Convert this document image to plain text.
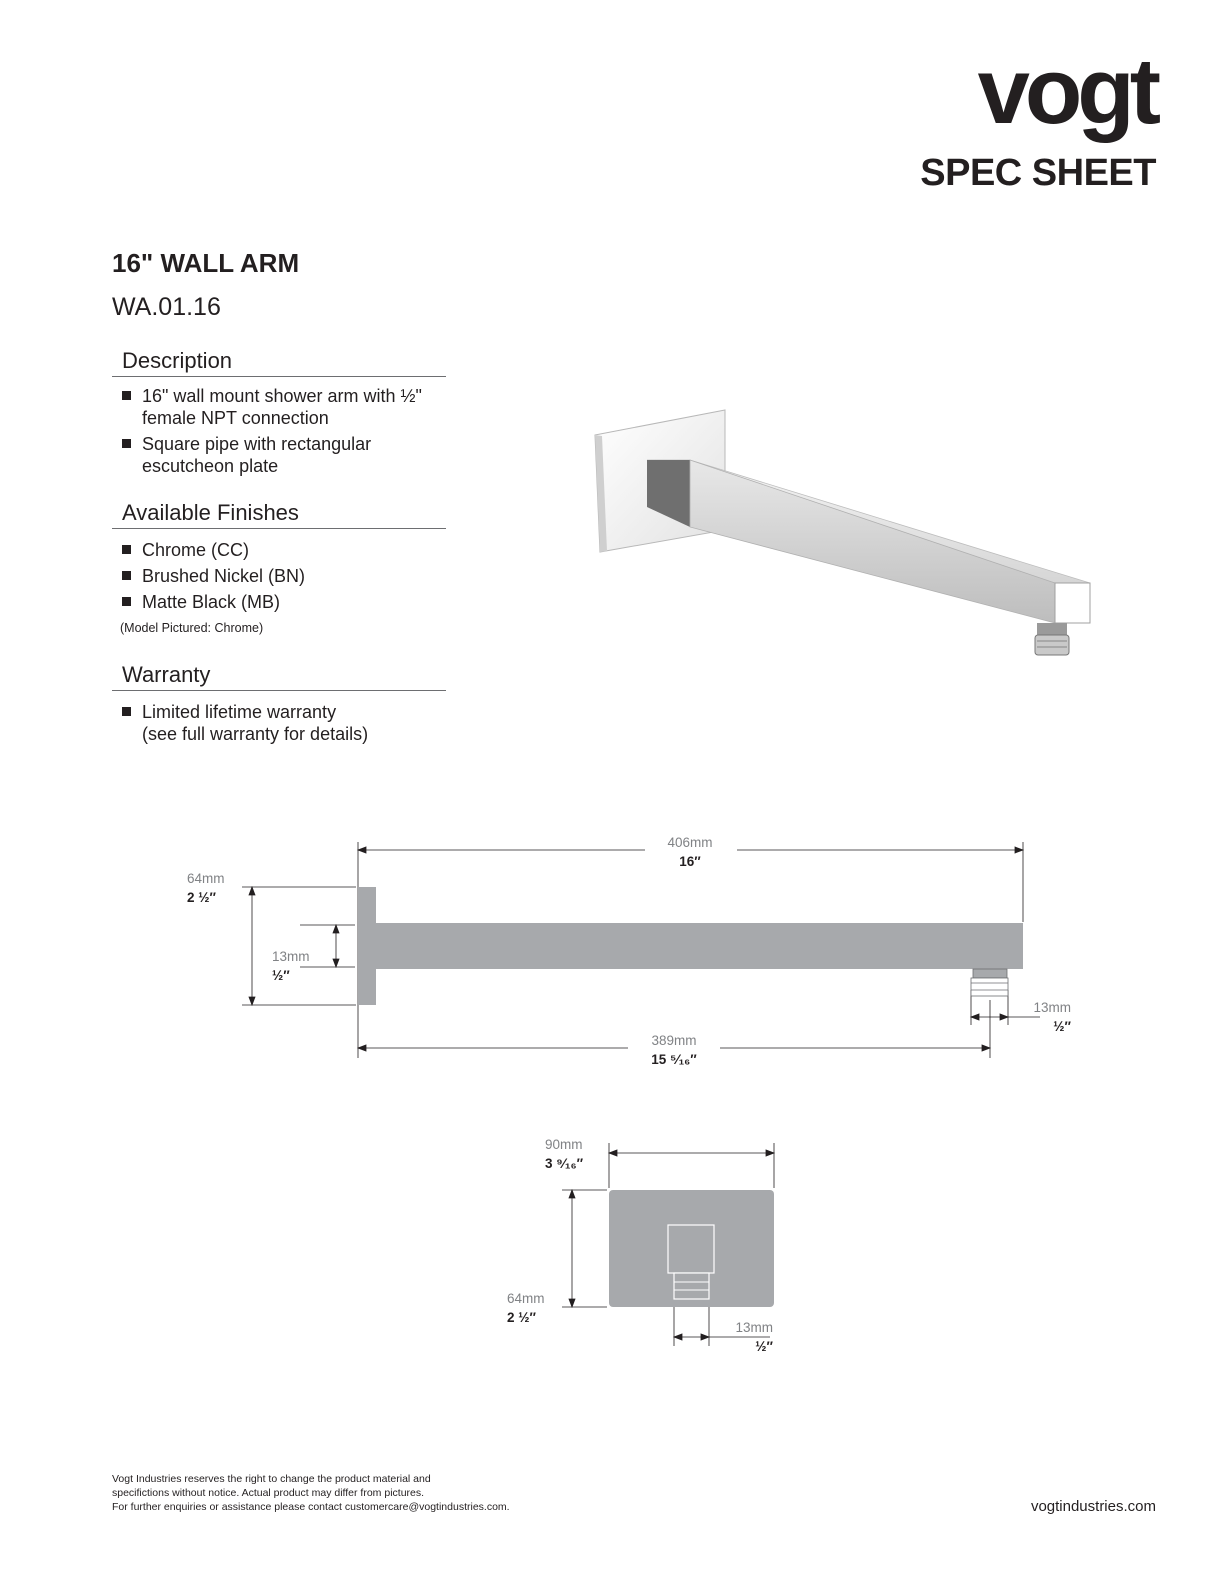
vogt
SPEC SHEET
16" WALL ARM
WA.01.16
Description
16" wall mount shower arm with ½"
female NPT connection
Square pipe with rectangular
escutcheon plate
Available Finishes
Chrome (CC)
Brushed Nickel (BN)
Matte Black (MB)
(Model Pictured: Chrome)
Warranty
Limited lifetime warranty
(see full warranty for details)
406mm
16″
64mm
2 ½″
13mm
½″
13mm
½″
389mm
15 ⁵⁄₁₆″
90mm
3 ⁹⁄₁₆″
64mm
2 ½″
13mm
½″
Vogt Industries reserves the right to change the product material and
specifictions without notice. Actual product may differ from pictures.
For further enquiries or assistance please contact customercare@vogtindustries.com.	vogtindustries.com
